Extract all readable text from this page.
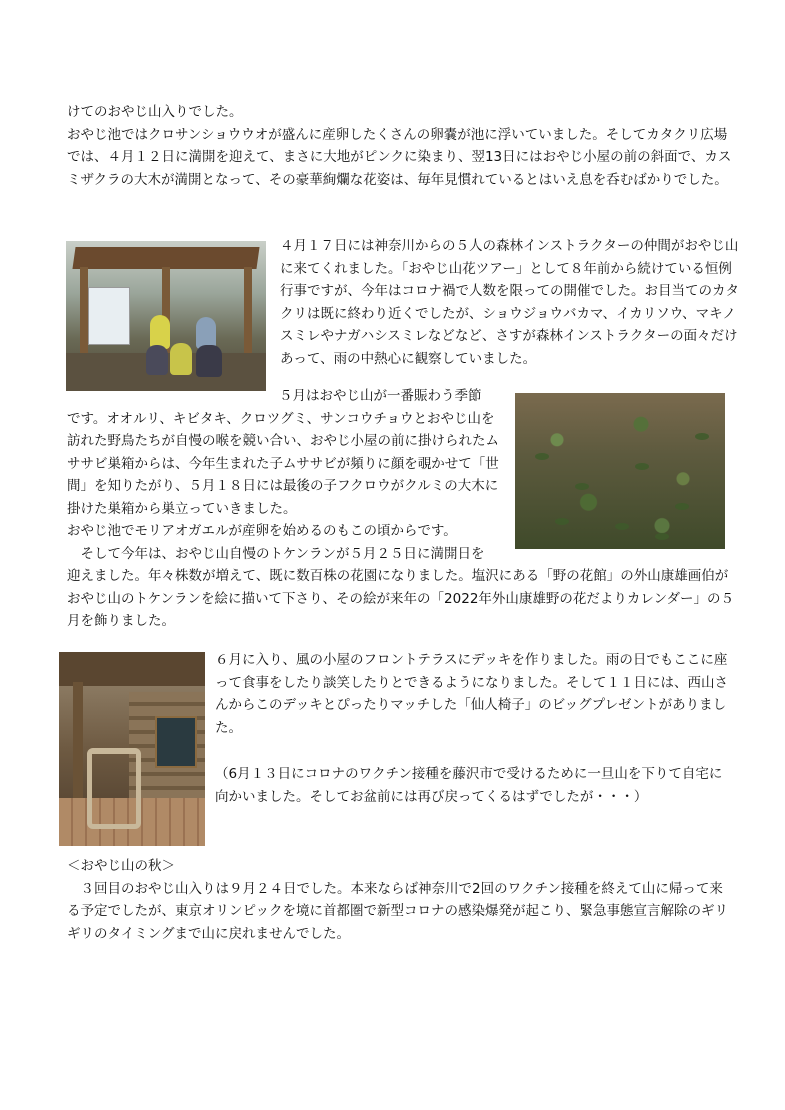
けてのおやじ山入りでした。
おやじ池ではクロサンショウウオが盛んに産卵したくさんの卵嚢が池に浮いていました。そしてカタクリ広場では、４月１２日に満開を迎えて、まさに大地がピンクに染まり、翌13日にはおやじ小屋の前の斜面で、カスミザクラの大木が満開となって、その豪華絢爛な花姿は、毎年見慣れているとはいえ息を呑むばかりでした。
４月１７日には神奈川からの５人の森林インストラクターの仲間がおやじ山に来てくれました。「おやじ山花ツアー」として８年前から続けている恒例行事ですが、今年はコロナ禍で人数を限っての開催でした。お目当てのカタクリは既に終わり近くでしたが、ショウジョウバカマ、イカリソウ、マキノスミレやナガハシスミレなどなど、さすが森林インストラクターの面々だけあって、雨の中熱心に観察していました。
５月はおやじ山が一番賑わう季節
です。オオルリ、キビタキ、クロツグミ、サンコウチョウとおやじ山を訪れた野鳥たちが自慢の喉を競い合い、おやじ小屋の前に掛けられたムササビ巣箱からは、今年生まれた子ムササビが頻りに顔を覗かせて「世間」を知りたがり、５月１８日には最後の子フクロウがクルミの大木に掛けた巣箱から巣立っていきました。
おやじ池でモリアオガエルが産卵を始めるのもこの頃からです。
　そして今年は、おやじ山自慢のトケンランが５月２５日に満開日を
迎えました。年々株数が増えて、既に数百株の花園になりました。塩沢にある「野の花館」の外山康雄画伯がおやじ山のトケンランを絵に描いて下さり、その絵が来年の「2022年外山康雄野の花だよりカレンダー」の５月を飾りました。
６月に入り、風の小屋のフロントテラスにデッキを作りました。雨の日でもここに座って食事をしたり談笑したりとできるようになりました。そして１１日には、西山さんからこのデッキとぴったりマッチした「仙人椅子」のビッグプレゼントがありました。
（6月１３日にコロナのワクチン接種を藤沢市で受けるために一旦山を下りて自宅に向かいました。そしてお盆前には再び戻ってくるはずでしたが・・・）
＜おやじ山の秋＞
　３回目のおやじ山入りは９月２４日でした。本来ならば神奈川で2回のワクチン接種を終えて山に帰って来る予定でしたが、東京オリンピックを境に首都圏で新型コロナの感染爆発が起こり、緊急事態宣言解除のギリギリのタイミングまで山に戻れませんでした。
